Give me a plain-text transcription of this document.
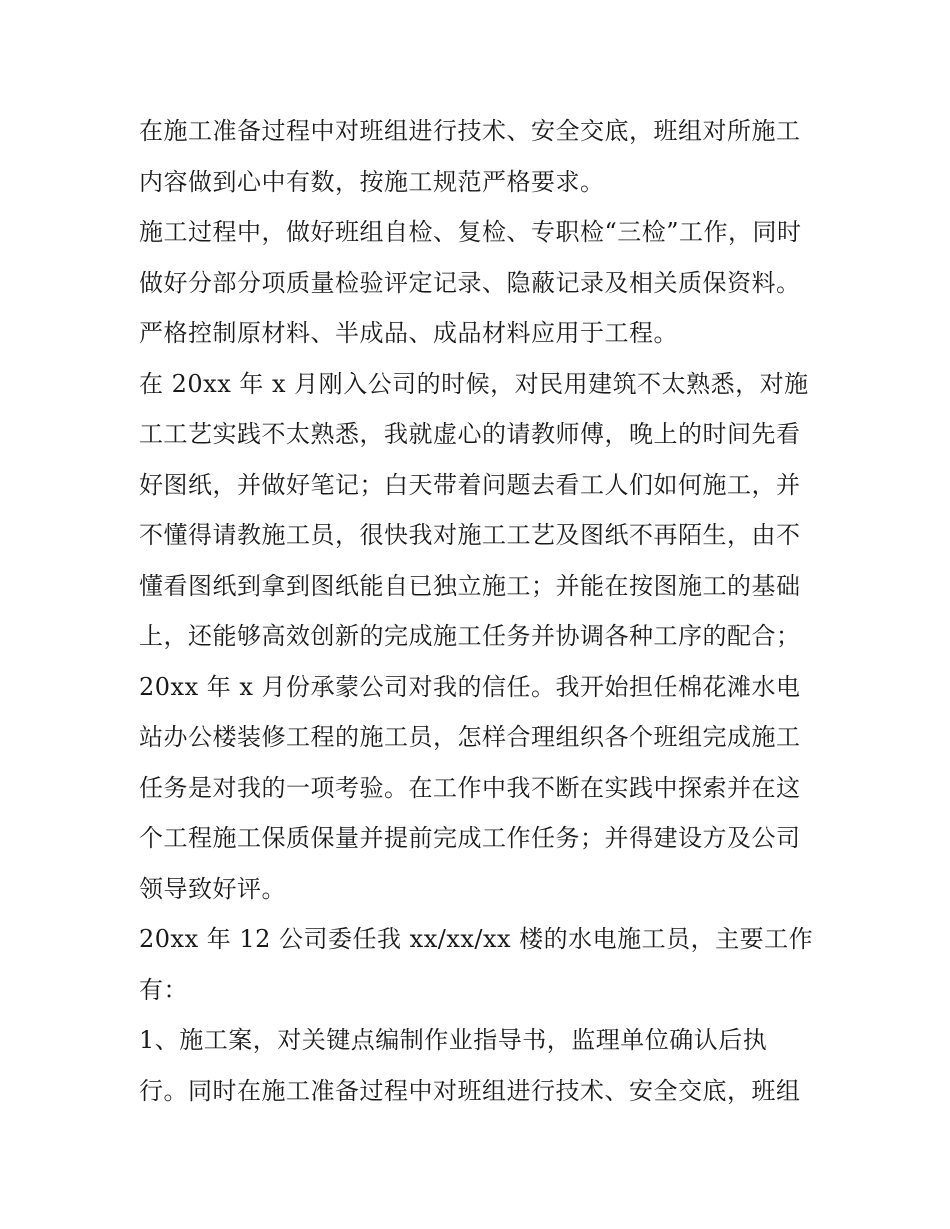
在施工准备过程中对班组进行技术、安全交底，班组对所施工
内容做到心中有数，按施工规范严格要求。
施工过程中，做好班组自检、复检、专职检“三检”工作，同时
做好分部分项质量检验评定记录、隐蔽记录及相关质保资料。
严格控制原材料、半成品、成品材料应用于工程。
在 20xx 年 x 月刚入公司的时候，对民用建筑不太熟悉，对施
工工艺实践不太熟悉，我就虚心的请教师傅，晚上的时间先看
好图纸，并做好笔记；白天带着问题去看工人们如何施工，并
不懂得请教施工员，很快我对施工工艺及图纸不再陌生，由不
懂看图纸到拿到图纸能自已独立施工；并能在按图施工的基础
上，还能够高效创新的完成施工任务并协调各种工序的配合；
20xx 年 x 月份承蒙公司对我的信任。我开始担任棉花滩水电
站办公楼装修工程的施工员，怎样合理组织各个班组完成施工
任务是对我的一项考验。在工作中我不断在实践中探索并在这
个工程施工保质保量并提前完成工作任务；并得建设方及公司
领导致好评。
20xx 年 12 公司委任我 xx/xx/xx 楼的水电施工员，主要工作
有：
1、施工案，对关键点编制作业指导书，监理单位确认后执
行。同时在施工准备过程中对班组进行技术、安全交底，班组
